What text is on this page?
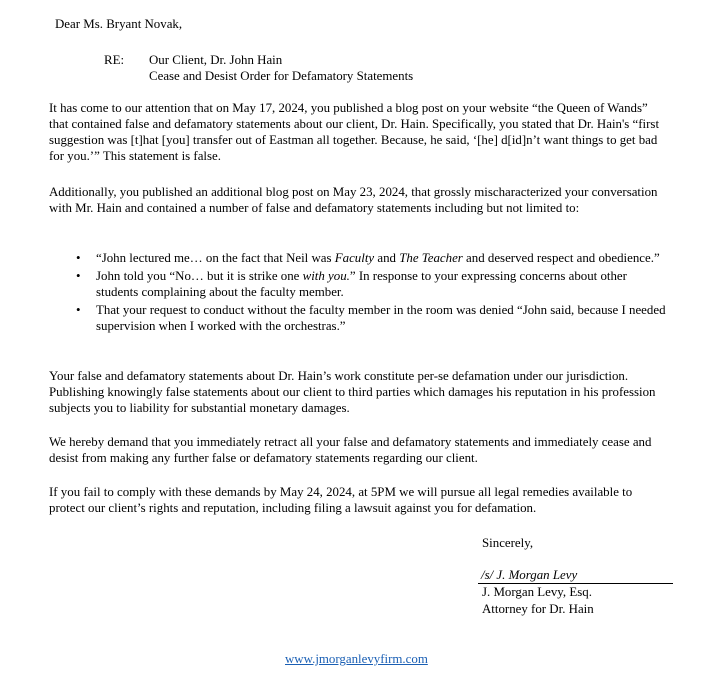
Dear Ms. Bryant Novak,
RE: Our Client, Dr. John Hain
Cease and Desist Order for Defamatory Statements
It has come to our attention that on May 17, 2024, you published a blog post on your website “the Queen of Wands” that contained false and defamatory statements about our client, Dr. Hain. Specifically, you stated that Dr. Hain's “first suggestion was [t]hat [you] transfer out of Eastman all together. Because, he said, ‘[he] d[id]n’t want things to get bad for you.’” This statement is false.
Additionally, you published an additional blog post on May 23, 2024, that grossly mischaracterized your conversation with Mr. Hain and contained a number of false and defamatory statements including but not limited to:
• “John lectured me… on the fact that Neil was Faculty and The Teacher and deserved respect and obedience.”
• John told you “No… but it is strike one with you.” In response to your expressing concerns about other students complaining about the faculty member.
• That your request to conduct without the faculty member in the room was denied “John said, because I needed supervision when I worked with the orchestras.”
Your false and defamatory statements about Dr. Hain’s work constitute per-se defamation under our jurisdiction. Publishing knowingly false statements about our client to third parties which damages his reputation in his profession subjects you to liability for substantial monetary damages.
We hereby demand that you immediately retract all your false and defamatory statements and immediately cease and desist from making any further false or defamatory statements regarding our client.
If you fail to comply with these demands by May 24, 2024, at 5PM we will pursue all legal remedies available to protect our client’s rights and reputation, including filing a lawsuit against you for defamation.
Sincerely,
/s/ J. Morgan Levy
J. Morgan Levy, Esq.
Attorney for Dr. Hain
www.jmorganlevyfirm.com
